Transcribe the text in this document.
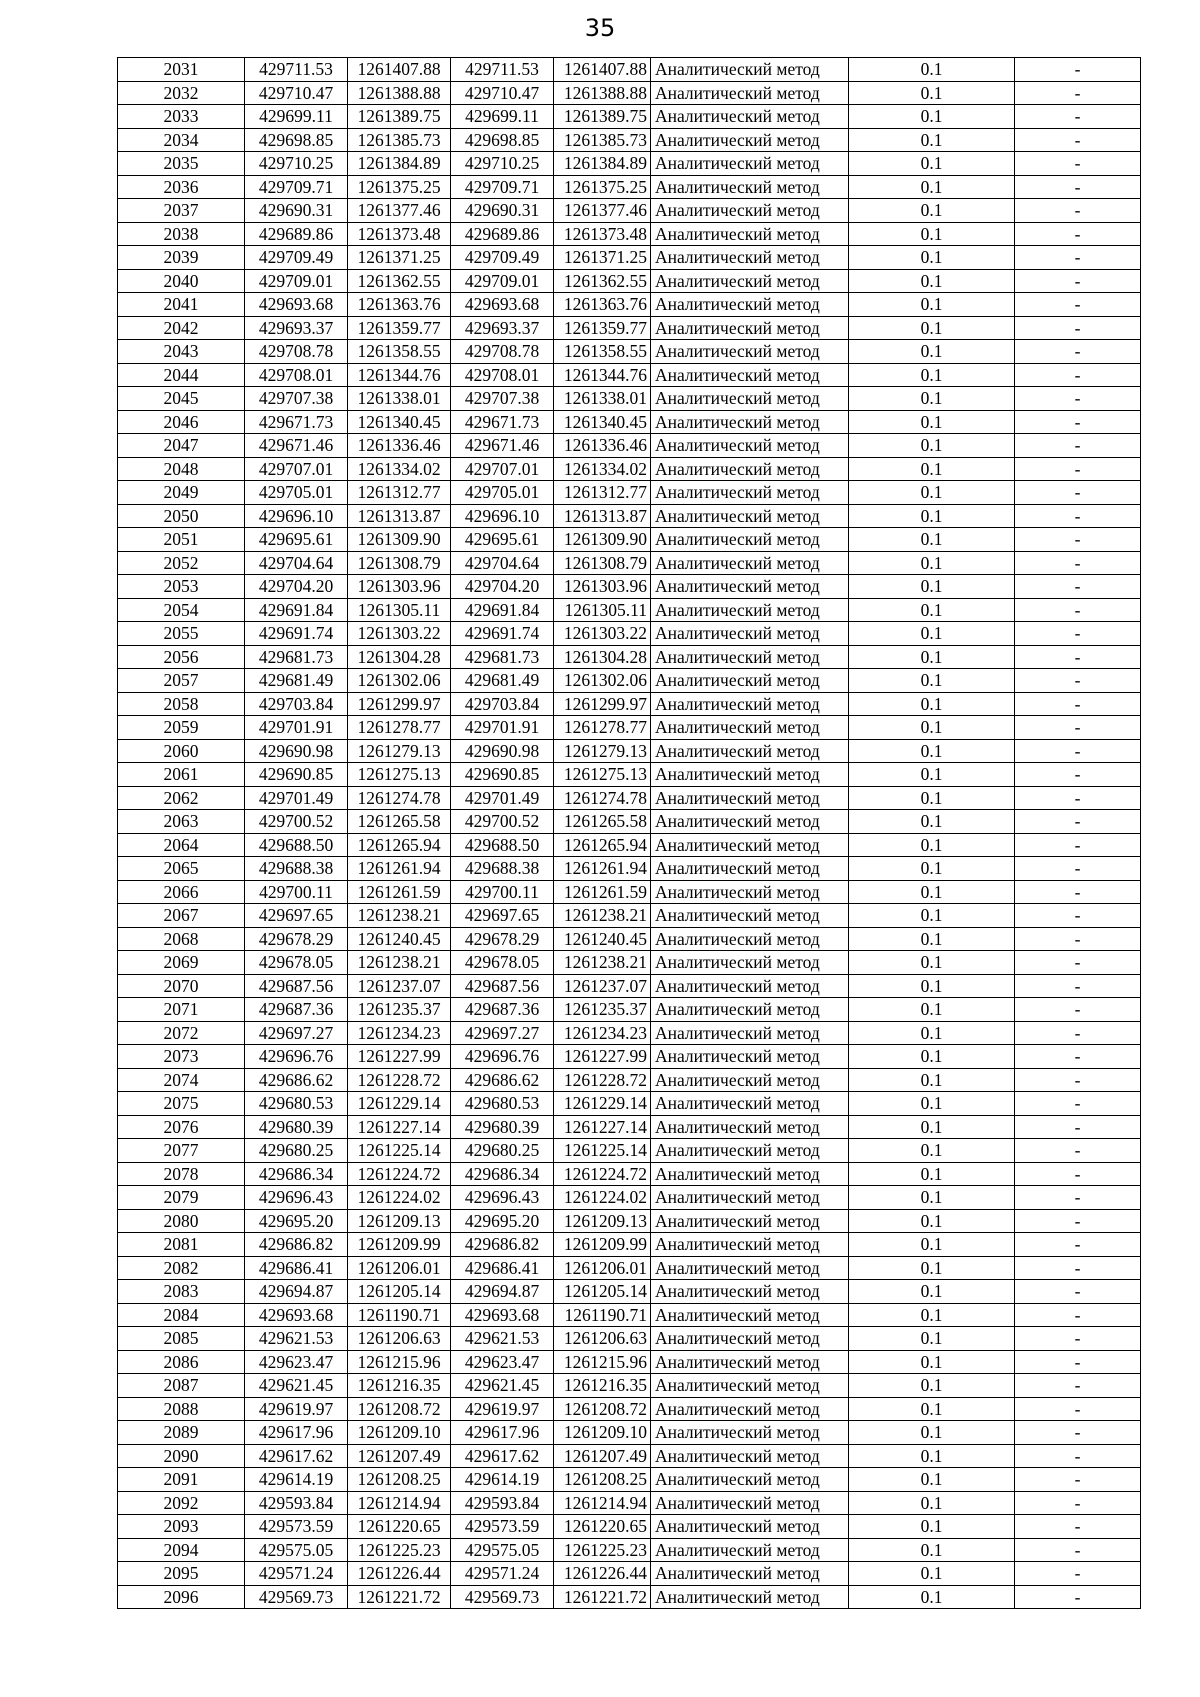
35
2031	429711.53	1261407.88	429711.53	1261407.88	Аналитический метод	0.1	-
2032	429710.47	1261388.88	429710.47	1261388.88	Аналитический метод	0.1	-
2033	429699.11	1261389.75	429699.11	1261389.75	Аналитический метод	0.1	-
2034	429698.85	1261385.73	429698.85	1261385.73	Аналитический метод	0.1	-
2035	429710.25	1261384.89	429710.25	1261384.89	Аналитический метод	0.1	-
2036	429709.71	1261375.25	429709.71	1261375.25	Аналитический метод	0.1	-
2037	429690.31	1261377.46	429690.31	1261377.46	Аналитический метод	0.1	-
2038	429689.86	1261373.48	429689.86	1261373.48	Аналитический метод	0.1	-
2039	429709.49	1261371.25	429709.49	1261371.25	Аналитический метод	0.1	-
2040	429709.01	1261362.55	429709.01	1261362.55	Аналитический метод	0.1	-
2041	429693.68	1261363.76	429693.68	1261363.76	Аналитический метод	0.1	-
2042	429693.37	1261359.77	429693.37	1261359.77	Аналитический метод	0.1	-
2043	429708.78	1261358.55	429708.78	1261358.55	Аналитический метод	0.1	-
2044	429708.01	1261344.76	429708.01	1261344.76	Аналитический метод	0.1	-
2045	429707.38	1261338.01	429707.38	1261338.01	Аналитический метод	0.1	-
2046	429671.73	1261340.45	429671.73	1261340.45	Аналитический метод	0.1	-
2047	429671.46	1261336.46	429671.46	1261336.46	Аналитический метод	0.1	-
2048	429707.01	1261334.02	429707.01	1261334.02	Аналитический метод	0.1	-
2049	429705.01	1261312.77	429705.01	1261312.77	Аналитический метод	0.1	-
2050	429696.10	1261313.87	429696.10	1261313.87	Аналитический метод	0.1	-
2051	429695.61	1261309.90	429695.61	1261309.90	Аналитический метод	0.1	-
2052	429704.64	1261308.79	429704.64	1261308.79	Аналитический метод	0.1	-
2053	429704.20	1261303.96	429704.20	1261303.96	Аналитический метод	0.1	-
2054	429691.84	1261305.11	429691.84	1261305.11	Аналитический метод	0.1	-
2055	429691.74	1261303.22	429691.74	1261303.22	Аналитический метод	0.1	-
2056	429681.73	1261304.28	429681.73	1261304.28	Аналитический метод	0.1	-
2057	429681.49	1261302.06	429681.49	1261302.06	Аналитический метод	0.1	-
2058	429703.84	1261299.97	429703.84	1261299.97	Аналитический метод	0.1	-
2059	429701.91	1261278.77	429701.91	1261278.77	Аналитический метод	0.1	-
2060	429690.98	1261279.13	429690.98	1261279.13	Аналитический метод	0.1	-
2061	429690.85	1261275.13	429690.85	1261275.13	Аналитический метод	0.1	-
2062	429701.49	1261274.78	429701.49	1261274.78	Аналитический метод	0.1	-
2063	429700.52	1261265.58	429700.52	1261265.58	Аналитический метод	0.1	-
2064	429688.50	1261265.94	429688.50	1261265.94	Аналитический метод	0.1	-
2065	429688.38	1261261.94	429688.38	1261261.94	Аналитический метод	0.1	-
2066	429700.11	1261261.59	429700.11	1261261.59	Аналитический метод	0.1	-
2067	429697.65	1261238.21	429697.65	1261238.21	Аналитический метод	0.1	-
2068	429678.29	1261240.45	429678.29	1261240.45	Аналитический метод	0.1	-
2069	429678.05	1261238.21	429678.05	1261238.21	Аналитический метод	0.1	-
2070	429687.56	1261237.07	429687.56	1261237.07	Аналитический метод	0.1	-
2071	429687.36	1261235.37	429687.36	1261235.37	Аналитический метод	0.1	-
2072	429697.27	1261234.23	429697.27	1261234.23	Аналитический метод	0.1	-
2073	429696.76	1261227.99	429696.76	1261227.99	Аналитический метод	0.1	-
2074	429686.62	1261228.72	429686.62	1261228.72	Аналитический метод	0.1	-
2075	429680.53	1261229.14	429680.53	1261229.14	Аналитический метод	0.1	-
2076	429680.39	1261227.14	429680.39	1261227.14	Аналитический метод	0.1	-
2077	429680.25	1261225.14	429680.25	1261225.14	Аналитический метод	0.1	-
2078	429686.34	1261224.72	429686.34	1261224.72	Аналитический метод	0.1	-
2079	429696.43	1261224.02	429696.43	1261224.02	Аналитический метод	0.1	-
2080	429695.20	1261209.13	429695.20	1261209.13	Аналитический метод	0.1	-
2081	429686.82	1261209.99	429686.82	1261209.99	Аналитический метод	0.1	-
2082	429686.41	1261206.01	429686.41	1261206.01	Аналитический метод	0.1	-
2083	429694.87	1261205.14	429694.87	1261205.14	Аналитический метод	0.1	-
2084	429693.68	1261190.71	429693.68	1261190.71	Аналитический метод	0.1	-
2085	429621.53	1261206.63	429621.53	1261206.63	Аналитический метод	0.1	-
2086	429623.47	1261215.96	429623.47	1261215.96	Аналитический метод	0.1	-
2087	429621.45	1261216.35	429621.45	1261216.35	Аналитический метод	0.1	-
2088	429619.97	1261208.72	429619.97	1261208.72	Аналитический метод	0.1	-
2089	429617.96	1261209.10	429617.96	1261209.10	Аналитический метод	0.1	-
2090	429617.62	1261207.49	429617.62	1261207.49	Аналитический метод	0.1	-
2091	429614.19	1261208.25	429614.19	1261208.25	Аналитический метод	0.1	-
2092	429593.84	1261214.94	429593.84	1261214.94	Аналитический метод	0.1	-
2093	429573.59	1261220.65	429573.59	1261220.65	Аналитический метод	0.1	-
2094	429575.05	1261225.23	429575.05	1261225.23	Аналитический метод	0.1	-
2095	429571.24	1261226.44	429571.24	1261226.44	Аналитический метод	0.1	-
2096	429569.73	1261221.72	429569.73	1261221.72	Аналитический метод	0.1	-
